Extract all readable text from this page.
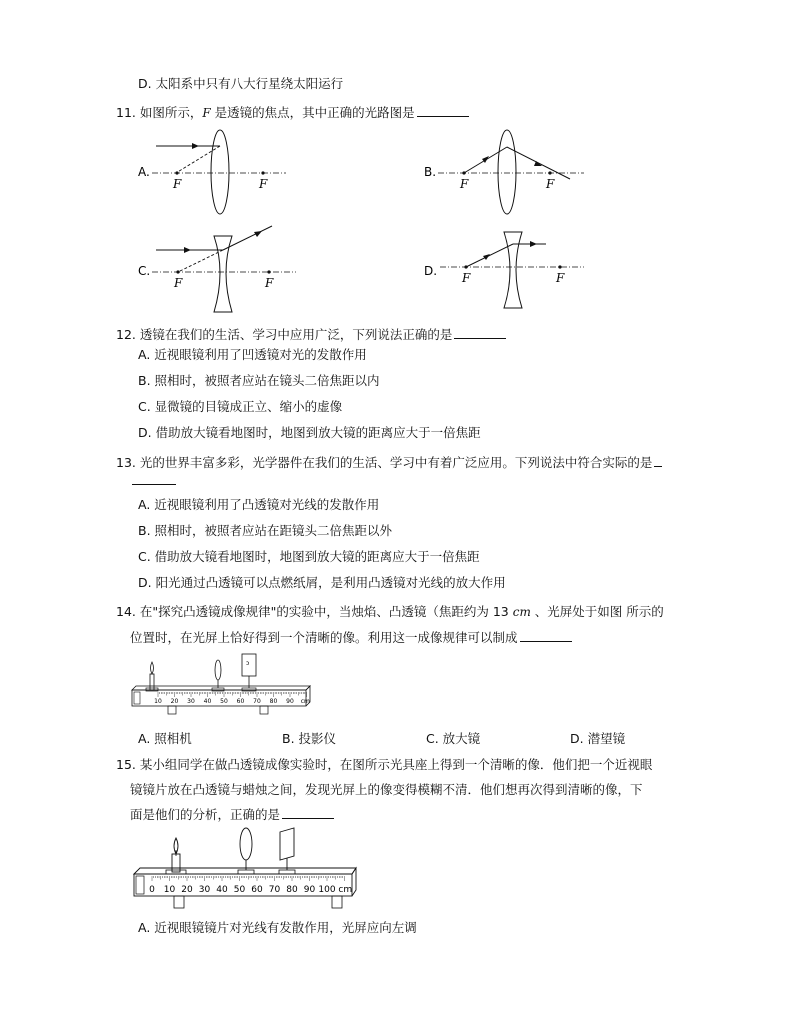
D. 太阳系中只有八大行星绕太阳运行
11. 如图所示，F 是透镜的焦点，其中正确的光路图是
A.
F	F
B.
F	F
C.
F	F
D. F	F
12. 透镜在我们的生活、学习中应用广泛，下列说法正确的是
A. 近视眼镜利用了凹透镜对光的发散作用
B. 照相时，被照者应站在镜头二倍焦距以内
C. 显微镜的目镜成正立、缩小的虚像
D. 借助放大镜看地图时，地图到放大镜的距离应大于一倍焦距
13. 光的世界丰富多彩，光学器件在我们的生活、学习中有着广泛应用。下列说法中符合实际的是
A. 近视眼镜利用了凸透镜对光线的发散作用
B. 照相时，被照者应站在距镜头二倍焦距以外
C. 借助放大镜看地图时，地图到放大镜的距离应大于一倍焦距
D. 阳光通过凸透镜可以点燃纸屑，是利用凸透镜对光线的放大作用
14. 在"探究凸透镜成像规律"的实验中，当烛焰、凸透镜（焦距约为 13 cm 、光屏处于如图 所示的
位置时，在光屏上恰好得到一个清晰的像。利用这一成像规律可以制成
ɔ
10 20 30 40 50 60 70 80 90 cm
A. 照相机	B. 投影仪	C. 放大镜	D. 潜望镜
15. 某小组同学在做凸透镜成像实验时，在图所示光具座上得到一个清晰的像．他们把一个近视眼
镜镜片放在凸透镜与蜡烛之间，发现光屏上的像变得模糊不清．他们想再次得到清晰的像，下
面是他们的分析，正确的是
0 10 20 30 40 50 60 70 80 90 100 cm
A. 近视眼镜镜片对光线有发散作用，光屏应向左调
